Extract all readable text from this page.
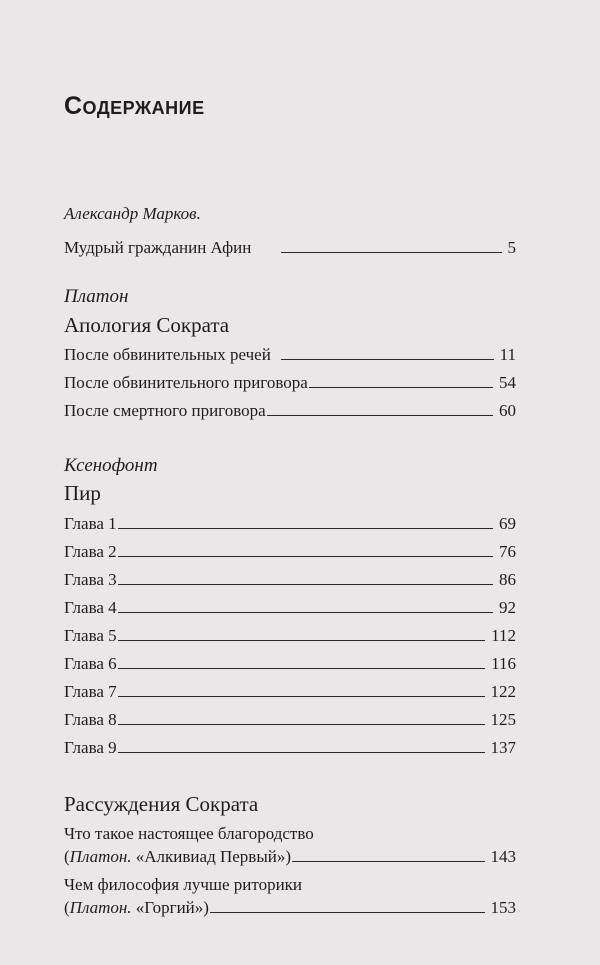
Содержание
Александр Марков.
Мудрый гражданин Афин	5
Платон
Апология Сократа
После обвинительных речей	11
После обвинительного приговора	54
После смертного приговора	60
Ксенофонт
Пир
Глава 1	69
Глава 2	76
Глава 3	86
Глава 4	92
Глава 5	112
Глава 6	116
Глава 7	122
Глава 8	125
Глава 9	137
Рассуждения Сократа
Что такое настоящее благородство
(Платон. «Алкивиад Первый»)	143
Чем философия лучше риторики
(Платон. «Горгий»)	153
